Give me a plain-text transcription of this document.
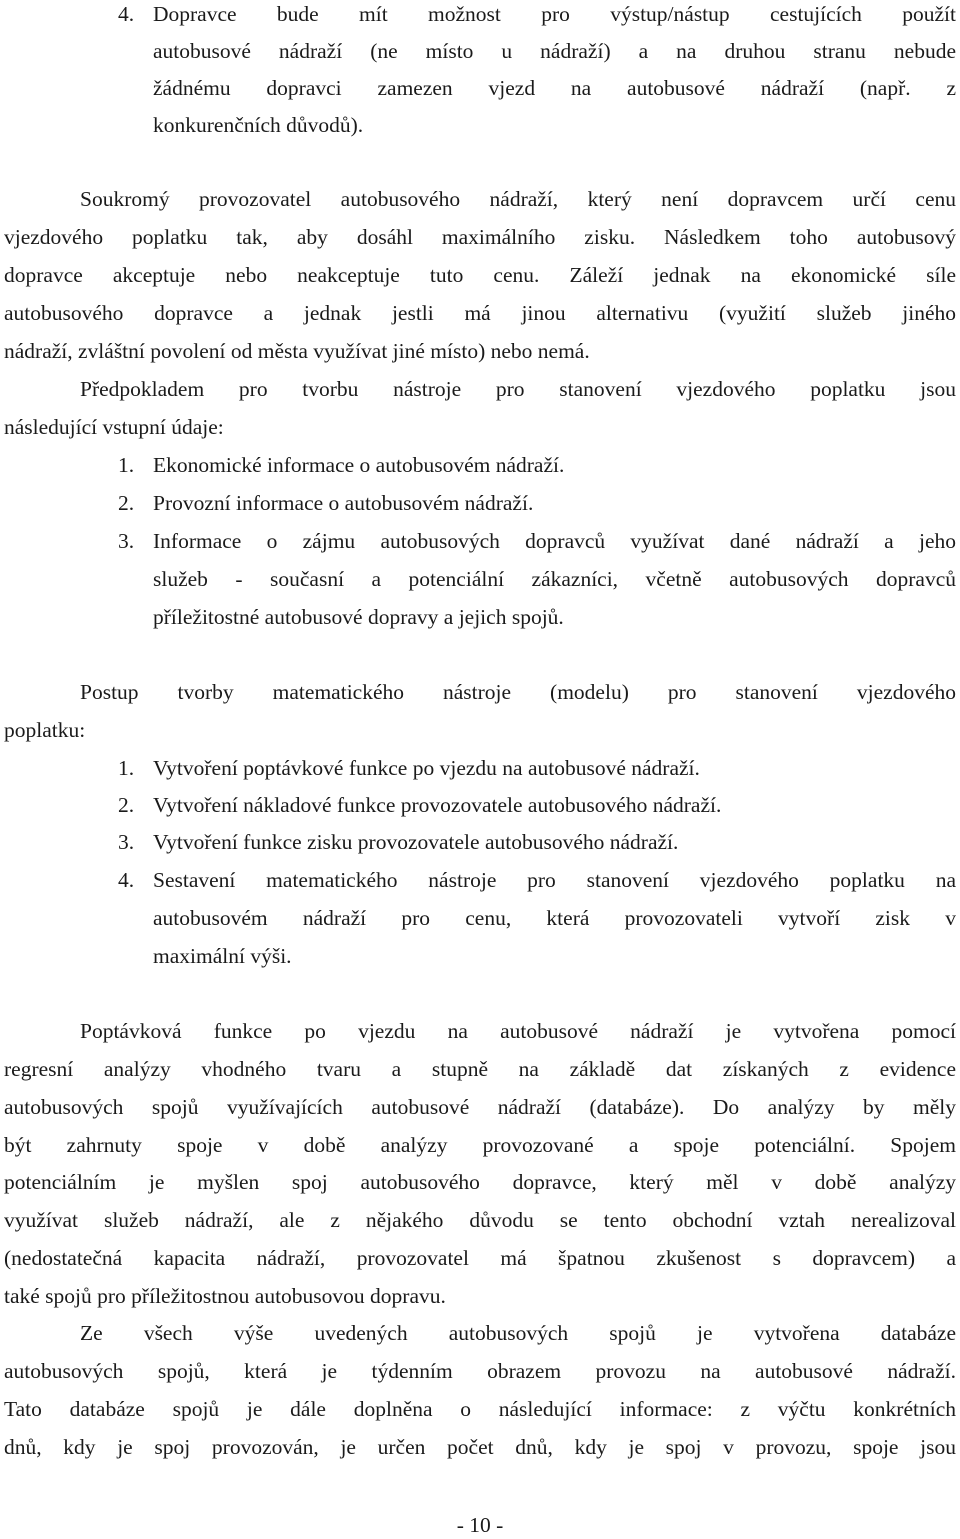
4. Dopravce bude mít možnost pro výstup/nástup cestujících použít
autobusové nádraží (ne místo u nádraží) a na druhou stranu nebude
žádnému dopravci zamezen vjezd na autobusové nádraží (např. z
konkurenčních důvodů).
Soukromý provozovatel autobusového nádraží, který není dopravcem určí cenu
vjezdového poplatku tak, aby dosáhl maximálního zisku. Následkem toho autobusový
dopravce akceptuje nebo neakceptuje tuto cenu. Záleží jednak na ekonomické síle
autobusového dopravce a jednak jestli má jinou alternativu (využití služeb jiného
nádraží, zvláštní povolení od města využívat jiné místo) nebo nemá.
Předpokladem pro tvorbu nástroje pro stanovení vjezdového poplatku jsou
následující vstupní údaje:
1. Ekonomické informace o autobusovém nádraží.
2. Provozní informace o autobusovém nádraží.
3. Informace o zájmu autobusových dopravců využívat dané nádraží a jeho
služeb - současní a potenciální zákazníci, včetně autobusových dopravců
příležitostné autobusové dopravy a jejich spojů.
Postup tvorby matematického nástroje (modelu) pro stanovení vjezdového
poplatku:
1. Vytvoření poptávkové funkce po vjezdu na autobusové nádraží.
2. Vytvoření nákladové funkce provozovatele autobusového nádraží.
3. Vytvoření funkce zisku provozovatele autobusového nádraží.
4. Sestavení matematického nástroje pro stanovení vjezdového poplatku na
autobusovém nádraží pro cenu, která provozovateli vytvoří zisk v
maximální výši.
Poptávková funkce po vjezdu na autobusové nádraží je vytvořena pomocí
regresní analýzy vhodného tvaru a stupně na základě dat získaných z evidence
autobusových spojů využívajících autobusové nádraží (databáze). Do analýzy by měly
být zahrnuty spoje v době analýzy provozované a spoje potenciální. Spojem
potenciálním je myšlen spoj autobusového dopravce, který měl v době analýzy
využívat služeb nádraží, ale z nějakého důvodu se tento obchodní vztah nerealizoval
(nedostatečná kapacita nádraží, provozovatel má špatnou zkušenost s dopravcem) a
také spojů pro příležitostnou autobusovou dopravu.
Ze všech výše uvedených autobusových spojů je vytvořena databáze
autobusových spojů, která je týdenním obrazem provozu na autobusové nádraží.
Tato databáze spojů je dále doplněna o následující informace: z výčtu konkrétních
dnů, kdy je spoj provozován, je určen počet dnů, kdy je spoj v provozu, spoje jsou
- 10 -
